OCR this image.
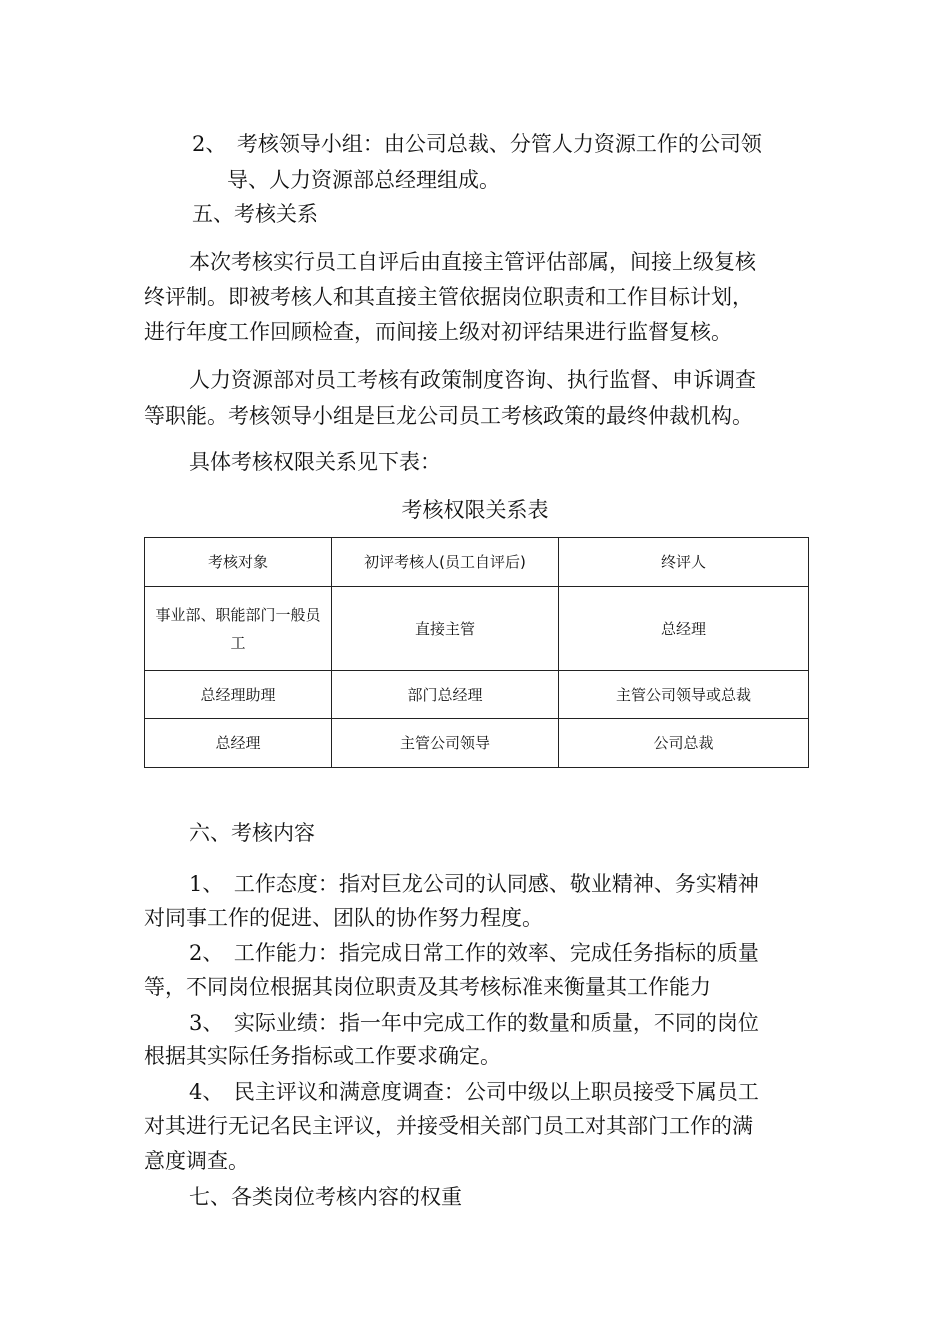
2、　考核领导小组：由公司总裁、分管人力资源工作的公司领
导、人力资源部总经理组成。
五、考核关系
本次考核实行员工自评后由直接主管评估部属，间接上级复核
终评制。即被考核人和其直接主管依据岗位职责和工作目标计划，
进行年度工作回顾检查，而间接上级对初评结果进行监督复核。
人力资源部对员工考核有政策制度咨询、执行监督、申诉调查
等职能。考核领导小组是巨龙公司员工考核政策的最终仲裁机构。
具体考核权限关系见下表：
考核权限关系表
考核对象	初评考核人(员工自评后)	终评人
事业部、职能部门一般员工	直接主管	总经理
总经理助理	部门总经理	主管公司领导或总裁
总经理	主管公司领导	公司总裁
六、考核内容
1、　工作态度：指对巨龙公司的认同感、敬业精神、务实精神
对同事工作的促进、团队的协作努力程度。
2、　工作能力：指完成日常工作的效率、完成任务指标的质量
等，不同岗位根据其岗位职责及其考核标准来衡量其工作能力
3、　实际业绩：指一年中完成工作的数量和质量，不同的岗位
根据其实际任务指标或工作要求确定。
4、　民主评议和满意度调查：公司中级以上职员接受下属员工
对其进行无记名民主评议，并接受相关部门员工对其部门工作的满
意度调查。
七、各类岗位考核内容的权重
